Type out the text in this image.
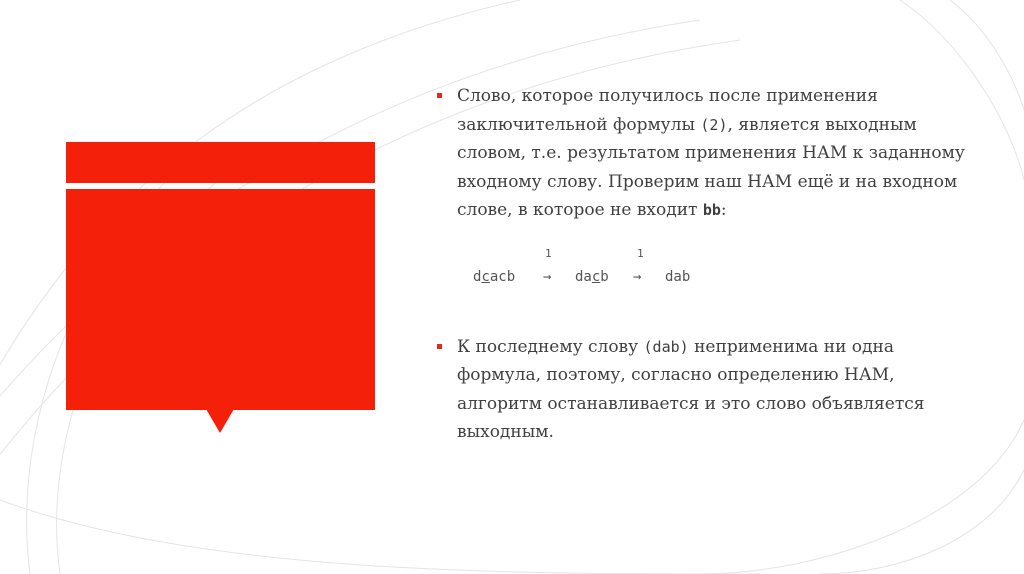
Слово, которое получилось после применения заключительной формулы (2), является выходным словом, т.е. результатом применения НАМ к заданному входному слову. Проверим наш НАМ ещё и на входном слове, в которое не входит bb:
dcacb
1
→ dacb
1
→ dab
К последнему слову (dab) неприменима ни одна формула, поэтому, согласно определению НАМ, алгоритм останавливается и это слово объявляется выходным.
